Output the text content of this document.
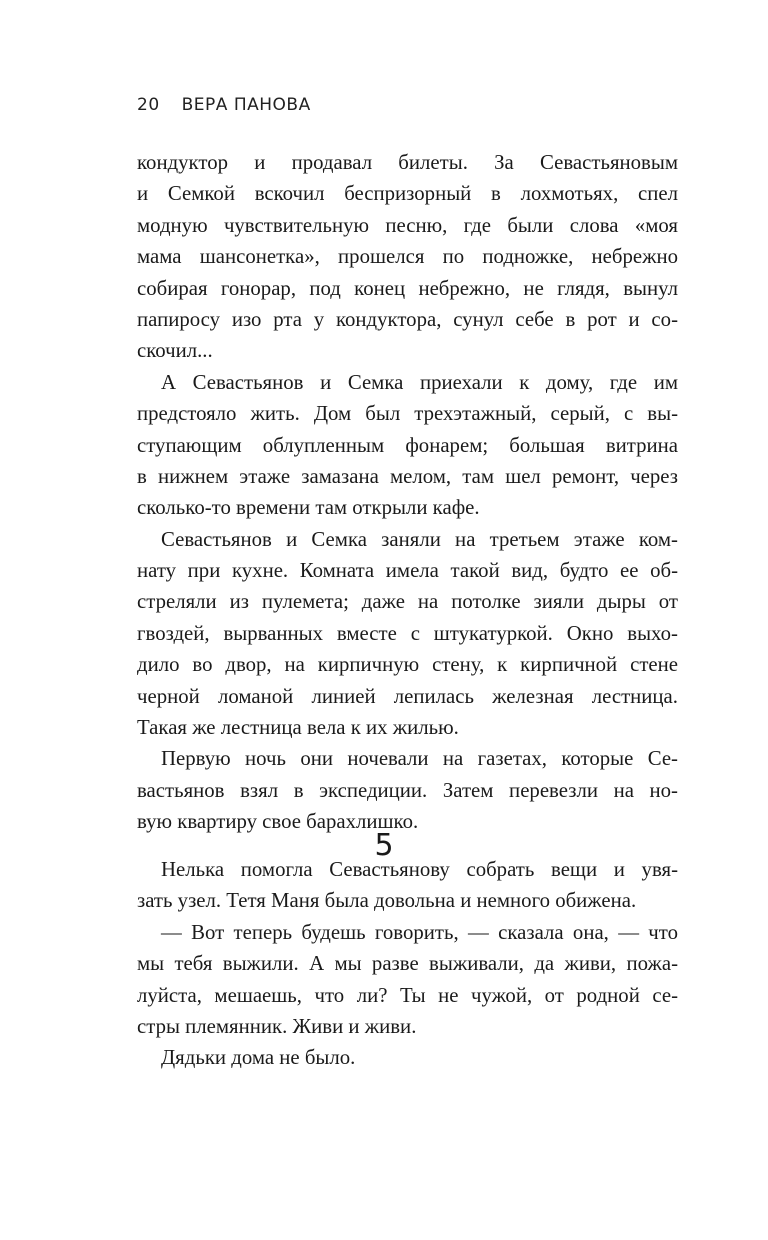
20 ВЕРА ПАНОВА
кондуктор и продавал билеты. За Севастьяновым
и Семкой вскочил беспризорный в лохмотьях, спел
модную чувствительную песню, где были слова «моя
мама шансонетка», прошелся по подножке, небрежно
собирая гонорар, под конец небрежно, не глядя, вынул
папиросу изо рта у кондуктора, сунул себе в рот и со-
скочил...
А Севастьянов и Семка приехали к дому, где им
предстояло жить. Дом был трехэтажный, серый, с вы-
ступающим облупленным фонарем; большая витрина
в нижнем этаже замазана мелом, там шел ремонт, через
сколько-то времени там открыли кафе.
Севастьянов и Семка заняли на третьем этаже ком-
нату при кухне. Комната имела такой вид, будто ее об-
стреляли из пулемета; даже на потолке зияли дыры от
гвоздей, вырванных вместе с штукатуркой. Окно выхо-
дило во двор, на кирпичную стену, к кирпичной стене
черной ломаной линией лепилась железная лестница.
Такая же лестница вела к их жилью.
Первую ночь они ночевали на газетах, которые Се-
вастьянов взял в экспедиции. Затем перевезли на но-
вую квартиру свое барахлишко.
5
Нелька помогла Севастьянову собрать вещи и увя-
зать узел. Тетя Маня была довольна и немного обижена.
— Вот теперь будешь говорить, — сказала она, — что
мы тебя выжили. А мы разве выживали, да живи, пожа-
луйста, мешаешь, что ли? Ты не чужой, от родной се-
стры племянник. Живи и живи.
Дядьки дома не было.
